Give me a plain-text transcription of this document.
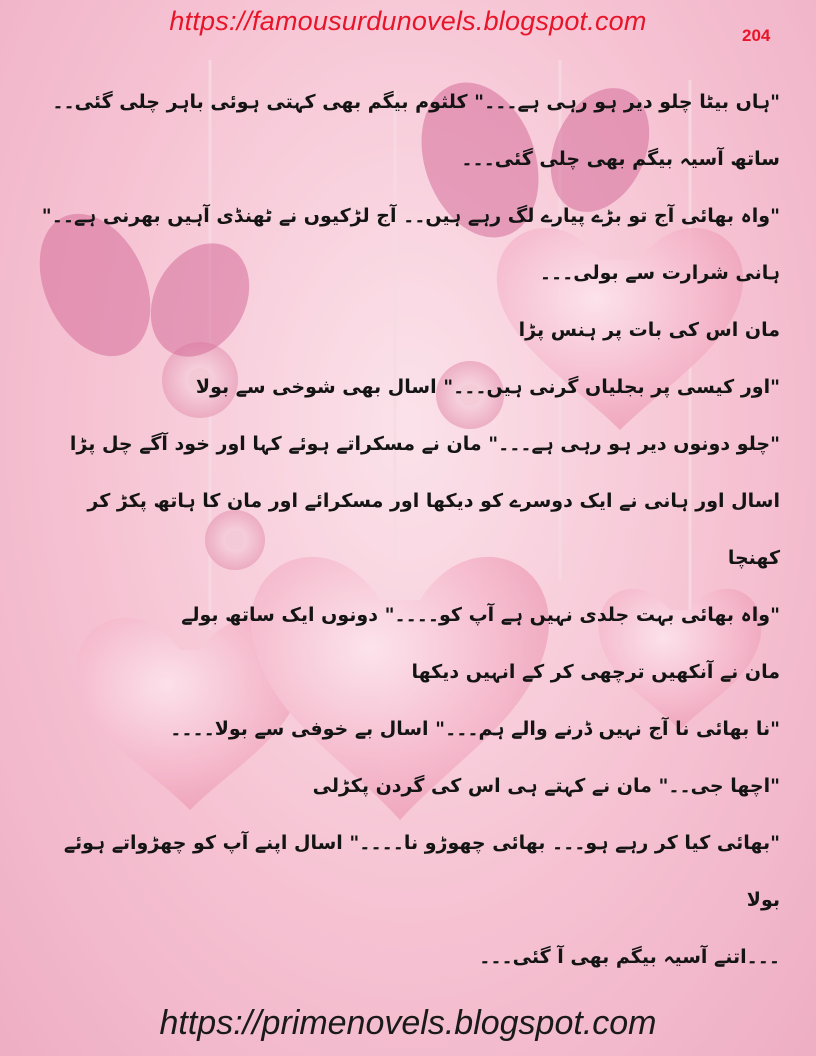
https://famousurdunovels.blogspot.com	204

"ہاں بیٹا چلو دیر ہو رہی ہے۔۔۔" کلثوم بیگم بھی کہتی ہوئی باہر چلی گئی۔۔ ساتھ آسیہ بیگم بھی چلی گئی۔۔۔

"واہ بھائی آج تو بڑے پیارے لگ رہے ہیں۔۔ آج لڑکیوں نے ٹھنڈی آہیں بھرنی ہے۔۔" ہانی شرارت سے بولی۔۔۔

مان اس کی بات پر ہنس پڑا

"اور کیسی پر بجلیاں گرنی ہیں۔۔۔" اسال بھی شوخی سے بولا

"چلو دونوں دیر ہو رہی ہے۔۔۔" مان نے مسکراتے ہوئے کہا اور خود آگے چل پڑا

اسال اور ہانی نے ایک دوسرے کو دیکھا اور مسکرائے اور مان کا ہاتھ پکڑ کر کھنچا

"واہ بھائی بہت جلدی نہیں ہے آپ کو۔۔۔۔" دونوں ایک ساتھ بولے

مان نے آنکھیں ترچھی کر کے انہیں دیکھا

"نا بھائی نا آج نہیں ڈرنے والے ہم۔۔۔" اسال بے خوفی سے بولا۔۔۔۔

"اچھا جی۔۔" مان نے کہتے ہی اس کی گردن پکڑلی

"بھائی کیا کر رہے ہو۔۔۔ بھائی چھوڑو نا۔۔۔۔" اسال اپنے آپ کو چھڑواتے ہوئے بولا

۔۔۔اتنے آسیہ بیگم بھی آ گئی۔۔۔

https://primenovels.blogspot.com
